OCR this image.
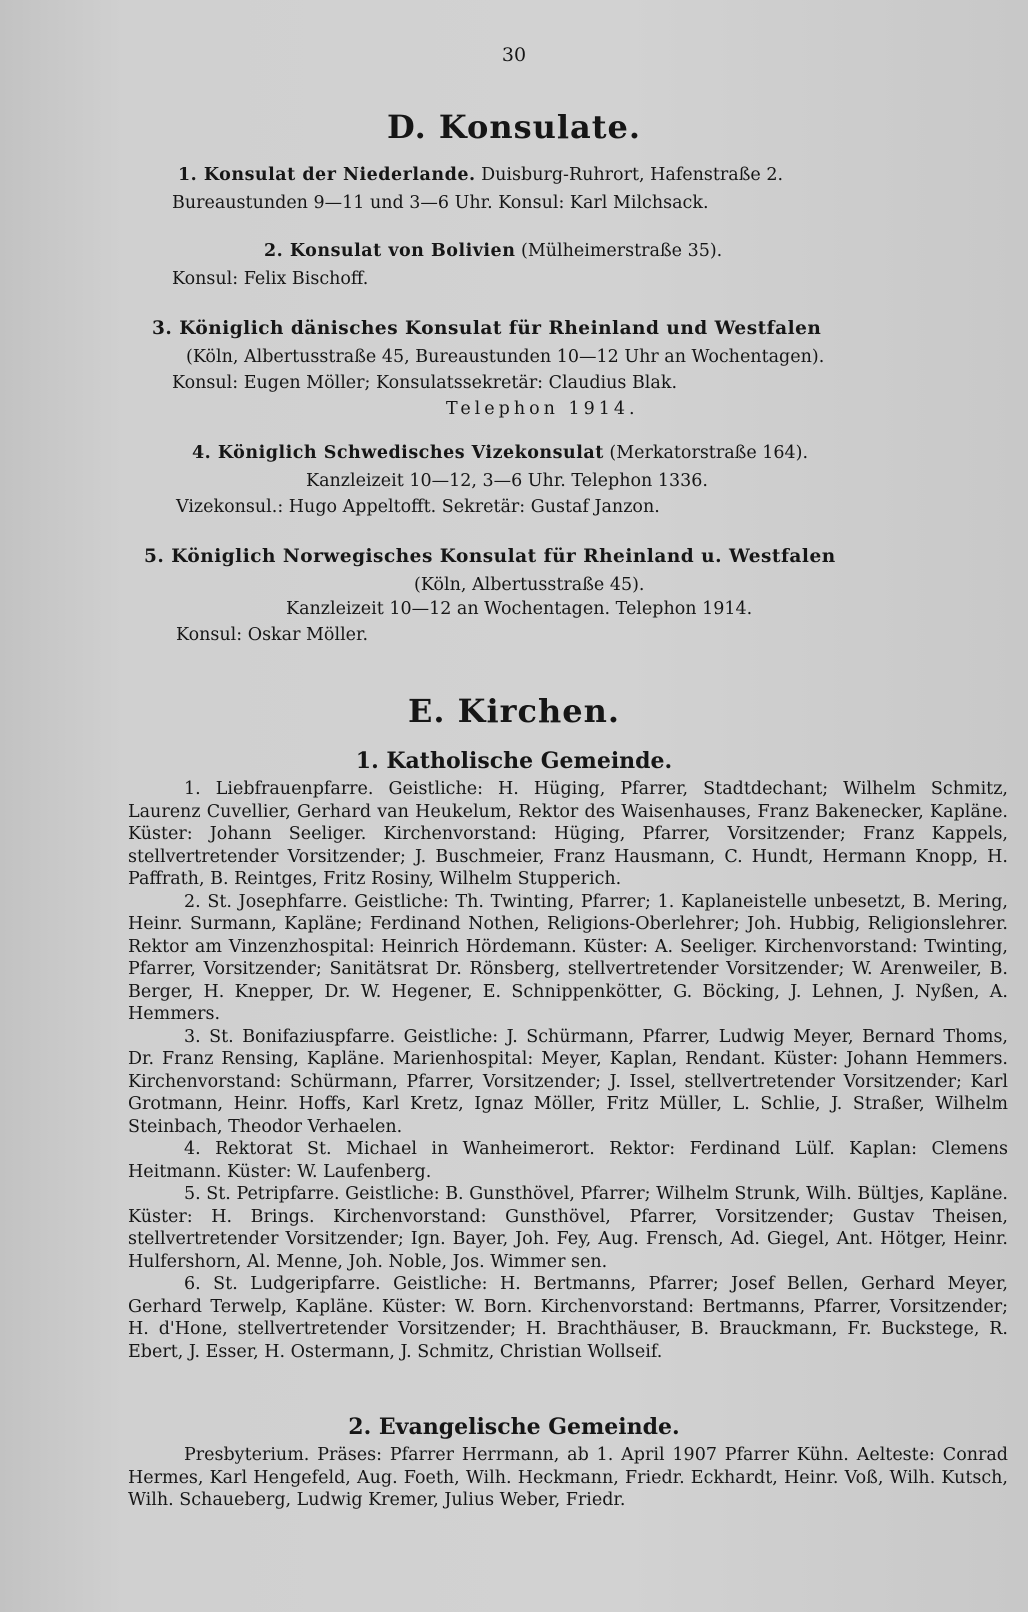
30
D. Konsulate.
1. Konsulat der Niederlande. Duisburg-Ruhrort, Hafenstraße 2.
Bureaustunden 9—11 und 3—6 Uhr. Konsul: Karl Milchsack.
2. Konsulat von Bolivien (Mülheimerstraße 35).
Konsul: Felix Bischoff.
3. Königlich dänisches Konsulat für Rheinland und Westfalen
(Köln, Albertusstraße 45, Bureaustunden 10—12 Uhr an Wochentagen).
Konsul: Eugen Möller; Konsulatssekretär: Claudius Blak.
Telephon 1914.
4. Königlich Schwedisches Vizekonsulat (Merkatorstraße 164).
Kanzleizeit 10—12, 3—6 Uhr. Telephon 1336.
Vizekonsul.: Hugo Appeltofft. Sekretär: Gustaf Janzon.
5. Königlich Norwegisches Konsulat für Rheinland u. Westfalen
(Köln, Albertusstraße 45).
Kanzleizeit 10—12 an Wochentagen. Telephon 1914.
Konsul: Oskar Möller.
E. Kirchen.
1. Katholische Gemeinde.

1. Liebfrauenpfarre. Geistliche: H. Hüging, Pfarrer, Stadtdechant; Wilhelm Schmitz, Laurenz Cuvellier, Gerhard van Heukelum, Rektor des Waisenhauses, Franz Bakenecker, Kapläne. Küster: Johann Seeliger. Kirchenvorstand: Hüging, Pfarrer, Vorsitzender; Franz Kappels, stellvertretender Vorsitzender; J. Buschmeier, Franz Hausmann, C. Hundt, Hermann Knopp, H. Paffrath, B. Reintges, Fritz Rosiny, Wilhelm Stupperich.

2. St. Josephfarre. Geistliche: Th. Twinting, Pfarrer; 1. Kaplaneistelle unbesetzt, B. Mering, Heinr. Surmann, Kapläne; Ferdinand Nothen, Religions-Oberlehrer; Joh. Hubbig, Religionslehrer. Rektor am Vinzenzhospital: Heinrich Hördemann. Küster: A. Seeliger. Kirchenvorstand: Twinting, Pfarrer, Vorsitzender; Sanitätsrat Dr. Rönsberg, stellvertretender Vorsitzender; W. Arenweiler, B. Berger, H. Knepper, Dr. W. Hegener, E. Schnippenkötter, G. Böcking, J. Lehnen, J. Nyßen, A. Hemmers.

3. St. Bonifaziuspfarre. Geistliche: J. Schürmann, Pfarrer, Ludwig Meyer, Bernard Thoms, Dr. Franz Rensing, Kapläne. Marienhospital: Meyer, Kaplan, Rendant. Küster: Johann Hemmers. Kirchenvorstand: Schürmann, Pfarrer, Vorsitzender; J. Issel, stellvertretender Vorsitzender; Karl Grotmann, Heinr. Hoffs, Karl Kretz, Ignaz Möller, Fritz Müller, L. Schlie, J. Straßer, Wilhelm Steinbach, Theodor Verhaelen.

4. Rektorat St. Michael in Wanheimerort. Rektor: Ferdinand Lülf. Kaplan: Clemens Heitmann. Küster: W. Laufenberg.

5. St. Petripfarre. Geistliche: B. Gunsthövel, Pfarrer; Wilhelm Strunk, Wilh. Bültjes, Kapläne. Küster: H. Brings. Kirchenvorstand: Gunsthövel, Pfarrer, Vorsitzender; Gustav Theisen, stellvertretender Vorsitzender; Ign. Bayer, Joh. Fey, Aug. Frensch, Ad. Giegel, Ant. Hötger, Heinr. Hulfershorn, Al. Menne, Joh. Noble, Jos. Wimmer sen.

6. St. Ludgeripfarre. Geistliche: H. Bertmanns, Pfarrer; Josef Bellen, Gerhard Meyer, Gerhard Terwelp, Kapläne. Küster: W. Born. Kirchenvorstand: Bertmanns, Pfarrer, Vorsitzender; H. d'Hone, stellvertretender Vorsitzender; H. Brachthäuser, B. Brauckmann, Fr. Buckstege, R. Ebert, J. Esser, H. Ostermann, J. Schmitz, Christian Wollseif.

2. Evangelische Gemeinde.

Presbyterium. Präses: Pfarrer Herrmann, ab 1. April 1907 Pfarrer Kühn. Aelteste: Conrad Hermes, Karl Hengefeld, Aug. Foeth, Wilh. Heckmann, Friedr. Eckhardt, Heinr. Voß, Wilh. Kutsch, Wilh. Schaueberg, Ludwig Kremer, Julius Weber, Friedr.
